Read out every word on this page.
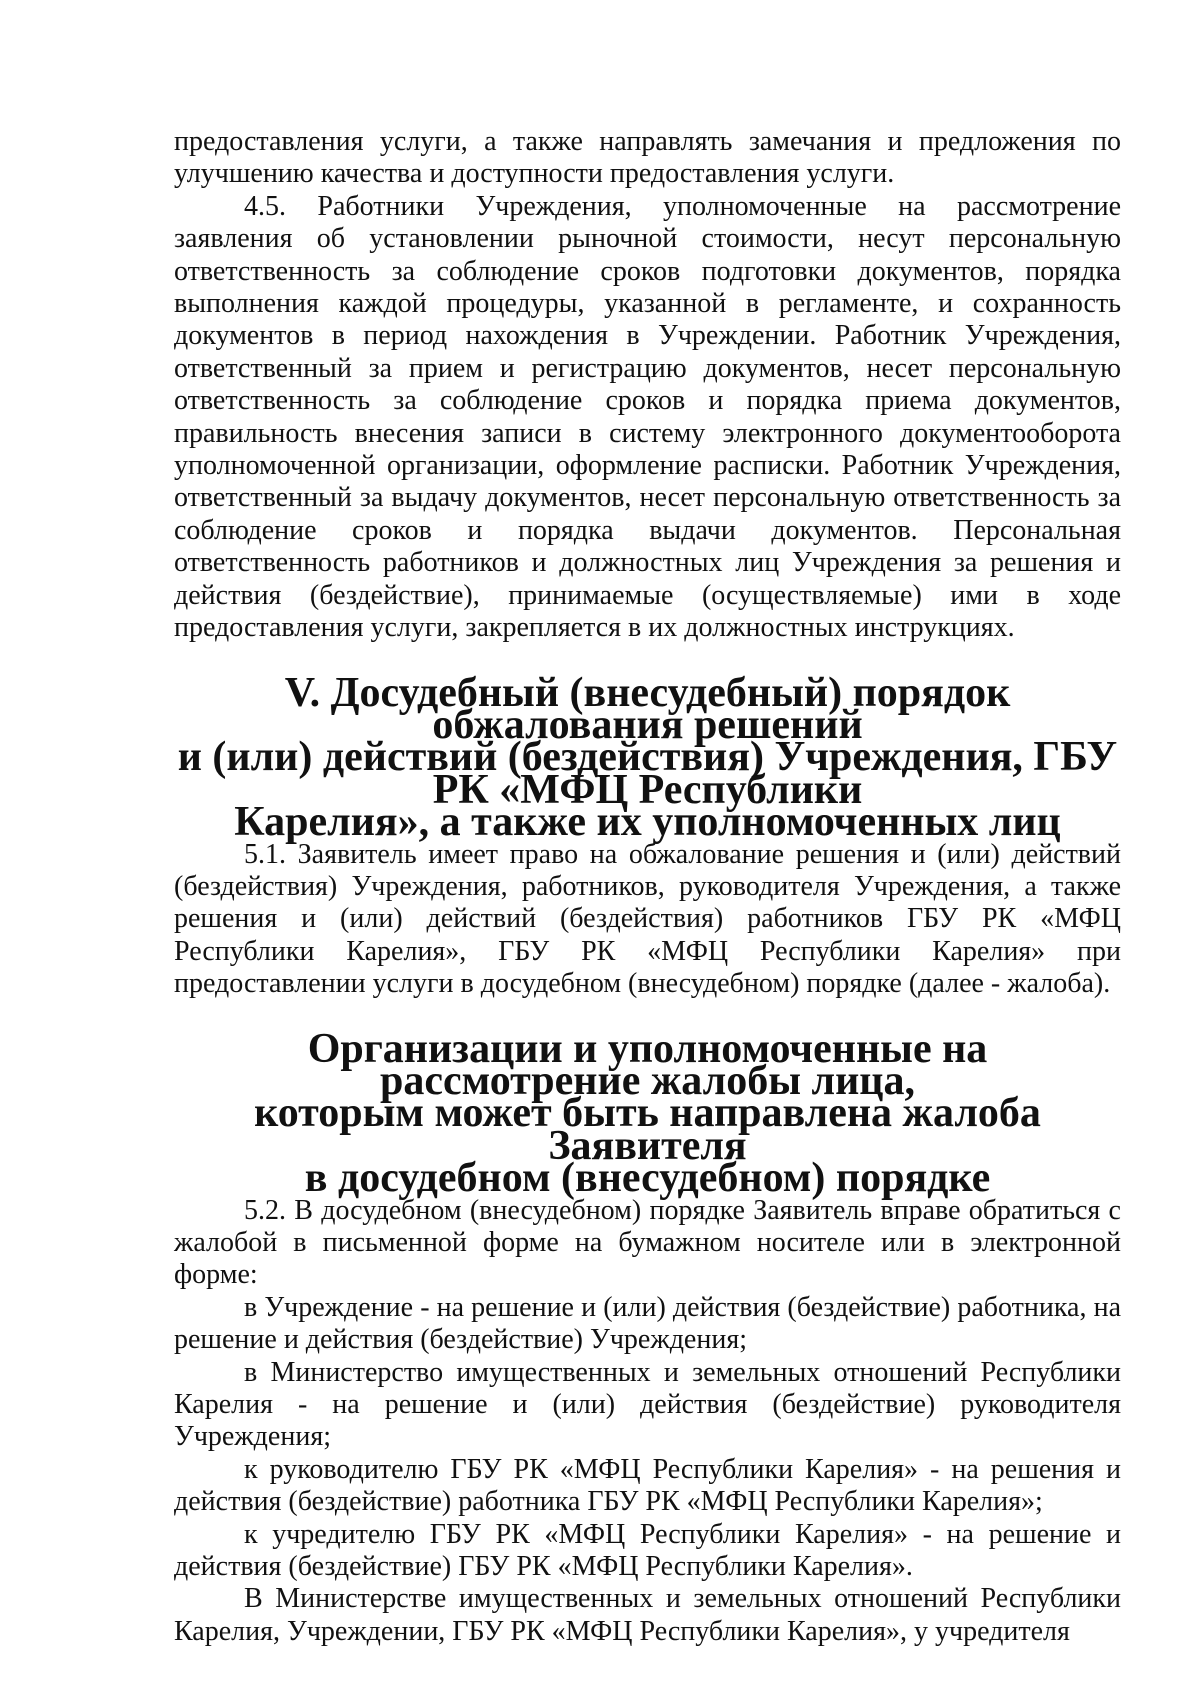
предоставления услуги, а также направлять замечания и предложения по улучшению качества и доступности предоставления услуги.

4.5. Работники Учреждения, уполномоченные на рассмотрение заявления об установлении рыночной стоимости, несут персональную ответственность за соблюдение сроков подготовки документов, порядка выполнения каждой процедуры, указанной в регламенте, и сохранность документов в период нахождения в Учреждении. Работник Учреждения, ответственный за прием и регистрацию документов, несет персональную ответственность за соблюдение сроков и порядка приема документов, правильность внесения записи в систему электронного документооборота уполномоченной организации, оформление расписки. Работник Учреждения, ответственный за выдачу документов, несет персональную ответственность за соблюдение сроков и порядка выдачи документов. Персональная ответственность работников и должностных лиц Учреждения за решения и действия (бездействие), принимаемые (осуществляемые) ими в ходе предоставления услуги, закрепляется в их должностных инструкциях.

V. Досудебный (внесудебный) порядок обжалования решений
и (или) действий (бездействия) Учреждения, ГБУ РК «МФЦ Республики
Карелия», а также их уполномоченных лиц

5.1. Заявитель имеет право на обжалование решения и (или) действий (бездействия) Учреждения, работников, руководителя Учреждения, а также решения и (или) действий (бездействия) работников ГБУ РК «МФЦ Республики Карелия», ГБУ РК «МФЦ Республики Карелия» при предоставлении услуги в досудебном (внесудебном) порядке (далее - жалоба).

Организации и уполномоченные на рассмотрение жалобы лица,
которым может быть направлена жалоба Заявителя
в досудебном (внесудебном) порядке

5.2. В досудебном (внесудебном) порядке Заявитель вправе обратиться с жалобой в письменной форме на бумажном носителе или в электронной форме:

в Учреждение - на решение и (или) действия (бездействие) работника, на решение и действия (бездействие) Учреждения;

в Министерство имущественных и земельных отношений Республики Карелия - на решение и (или) действия (бездействие) руководителя Учреждения;

к руководителю ГБУ РК «МФЦ Республики Карелия» - на решения и действия (бездействие) работника ГБУ РК «МФЦ Республики Карелия»;

к учредителю ГБУ РК «МФЦ Республики Карелия» - на решение и действия (бездействие) ГБУ РК «МФЦ Республики Карелия».

В Министерстве имущественных и земельных отношений Республики Карелия, Учреждении, ГБУ РК «МФЦ Республики Карелия», у учредителя
